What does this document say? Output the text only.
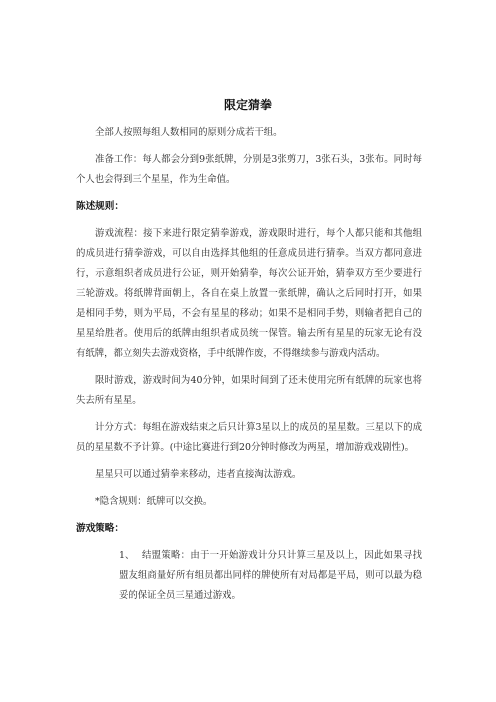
限定猜拳

全部人按照每组人数相同的原则分成若干组。

准备工作：每人都会分到9张纸牌，分别是3张剪刀，3张石头，3张布。同时每个人也会得到三个星星，作为生命值。

陈述规则：

游戏流程：接下来进行限定猜拳游戏，游戏限时进行，每个人都只能和其他组的成员进行猜拳游戏，可以自由选择其他组的任意成员进行猜拳。当双方都同意进行，示意组织者成员进行公证，则开始猜拳，每次公证开始，猜拳双方至少要进行三轮游戏。将纸牌背面朝上，各自在桌上放置一张纸牌，确认之后同时打开，如果是相同手势，则为平局，不会有星星的移动；如果不是相同手势，则输者把自己的星星给胜者。使用后的纸牌由组织者成员统一保管。输去所有星星的玩家无论有没有纸牌，都立刻失去游戏资格，手中纸牌作废，不得继续参与游戏内活动。

限时游戏，游戏时间为40分钟，如果时间到了还未使用完所有纸牌的玩家也将失去所有星星。

计分方式：每组在游戏结束之后只计算3星以上的成员的星星数。三星以下的成员的星星数不予计算。(中途比赛进行到20分钟时修改为两星，增加游戏戏剧性)。

星星只可以通过猜拳来移动，违者直接淘汰游戏。

*隐含规则：纸牌可以交换。

游戏策略：
1、 结盟策略：由于一开始游戏计分只计算三星及以上，因此如果寻找盟友组商量好所有组员都出同样的牌使所有对局都是平局，则可以最为稳妥的保证全员三星通过游戏。
